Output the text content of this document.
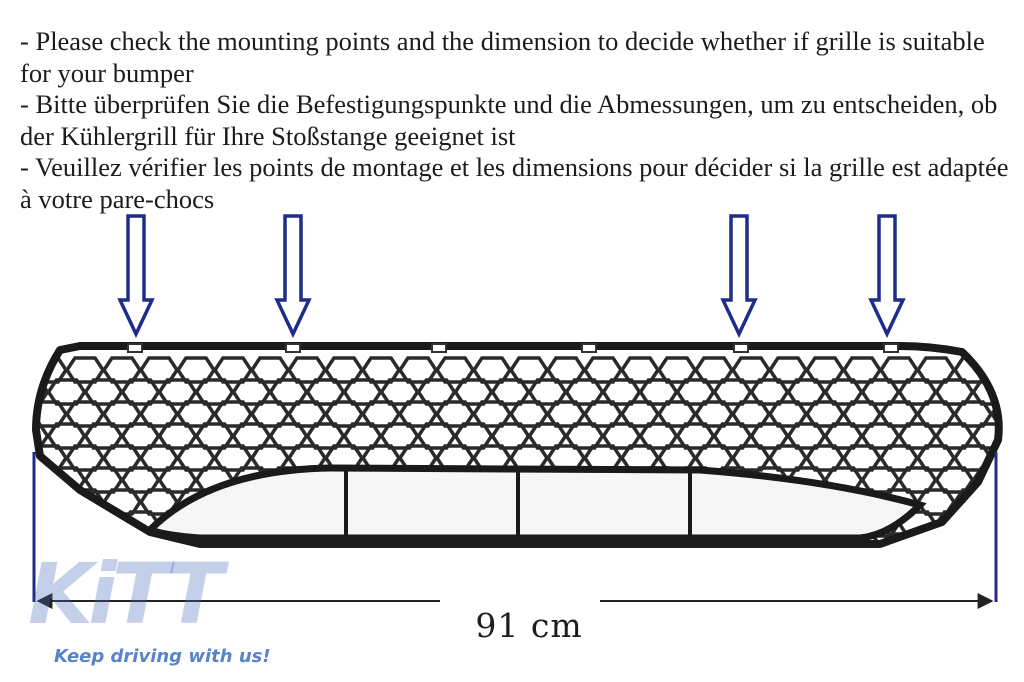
- Please check the mounting points and the dimension to decide whether if grille is suitable for your bumper

- Bitte überprüfen Sie die Befestigungspunkte und die Abmessungen, um zu entscheiden, ob der Kühlergrill für Ihre Stoßstange geeignet ist

- Veuillez vérifier les points de montage et les dimensions pour décider si la grille est adaptée à votre pare-chocs

KiTT
Keep driving with us!
91 cm
